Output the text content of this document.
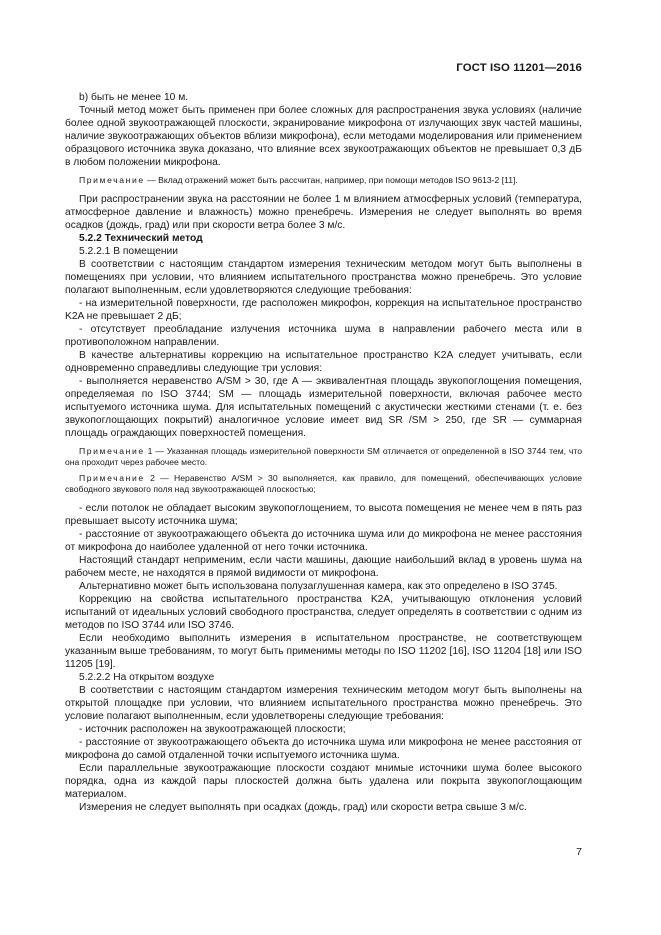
ГОСТ ISO 11201—2016

b) быть не менее 10 м.

Точный метод может быть применен при более сложных для распространения звука условиях (наличие более одной звукоотражающей плоскости, экранирование микрофона от излучающих звук частей машины, наличие звукоотражающих объектов вблизи микрофона), если методами моделирования или применением образцового источника звука доказано, что влияние всех звукоотражающих объектов не превышает 0,3 дБ в любом положении микрофона.

Примечание — Вклад отражений может быть рассчитан, например, при помощи методов ISO 9613-2 [11].

При распространении звука на расстоянии не более 1 м влиянием атмосферных условий (температура, атмосферное давление и влажность) можно пренебречь. Измерения не следует выполнять во время осадков (дождь, град) или при скорости ветра более 3 м/с.

5.2.2 Технический метод

5.2.2.1 В помещении

В соответствии с настоящим стандартом измерения техническим методом могут быть выполнены в помещениях при условии, что влиянием испытательного пространства можно пренебречь. Это условие полагают выполненным, если удовлетворяются следующие требования:

- на измерительной поверхности, где расположен микрофон, коррекция на испытательное пространство K2A не превышает 2 дБ;

- отсутствует преобладание излучения источника шума в направлении рабочего места или в противоположном направлении.

В качестве альтернативы коррекцию на испытательное пространство K2A следует учитывать, если одновременно справедливы следующие три условия:

- выполняется неравенство A/SM > 30, где A — эквивалентная площадь звукопоглощения помещения, определяемая по ISO 3744; SM — площадь измерительной поверхности, включая рабочее место испытуемого источника шума. Для испытательных помещений с акустически жесткими стенами (т. е. без звукопоглощающих покрытий) аналогичное условие имеет вид SR /SM > 250, где SR — суммарная площадь ограждающих поверхностей помещения.

Примечание 1 — Указанная площадь измерительной поверхности SM отличается от определенной в ISO 3744 тем, что она проходит через рабочее место.

Примечание 2 — Неравенство A/SM > 30 выполняется, как правило, для помещений, обеспечивающих условие свободного звукового поля над звукоотражающей плоскостью;

- если потолок не обладает высоким звукопоглощением, то высота помещения не менее чем в пять раз превышает высоту источника шума;

- расстояние от звукоотражающего объекта до источника шума или до микрофона не менее расстояния от микрофона до наиболее удаленной от него точки источника.

Настоящий стандарт неприменим, если части машины, дающие наибольший вклад в уровень шума на рабочем месте, не находятся в прямой видимости от микрофона.

Альтернативно может быть использована полузаглушенная камера, как это определено в ISO 3745.

Коррекцию на свойства испытательного пространства K2A, учитывающую отклонения условий испытаний от идеальных условий свободного пространства, следует определять в соответствии с одним из методов по ISO 3744 или ISO 3746.

Если необходимо выполнить измерения в испытательном пространстве, не соответствующем указанным выше требованиям, то могут быть применимы методы по ISO 11202 [16], ISO 11204 [18] или ISO 11205 [19].

5.2.2.2 На открытом воздухе

В соответствии с настоящим стандартом измерения техническим методом могут быть выполнены на открытой площадке при условии, что влиянием испытательного пространства можно пренебречь. Это условие полагают выполненным, если удовлетворены следующие требования:

- источник расположен на звукоотражающей плоскости;

- расстояние от звукоотражающего объекта до источника шума или микрофона не менее расстояния от микрофона до самой отдаленной точки испытуемого источника шума.

Если параллельные звукоотражающие плоскости создают мнимые источники шума более высокого порядка, одна из каждой пары плоскостей должна быть удалена или покрыта звукопоглощающим материалом.

Измерения не следует выполнять при осадках (дождь, град) или скорости ветра свыше 3 м/с.

7
